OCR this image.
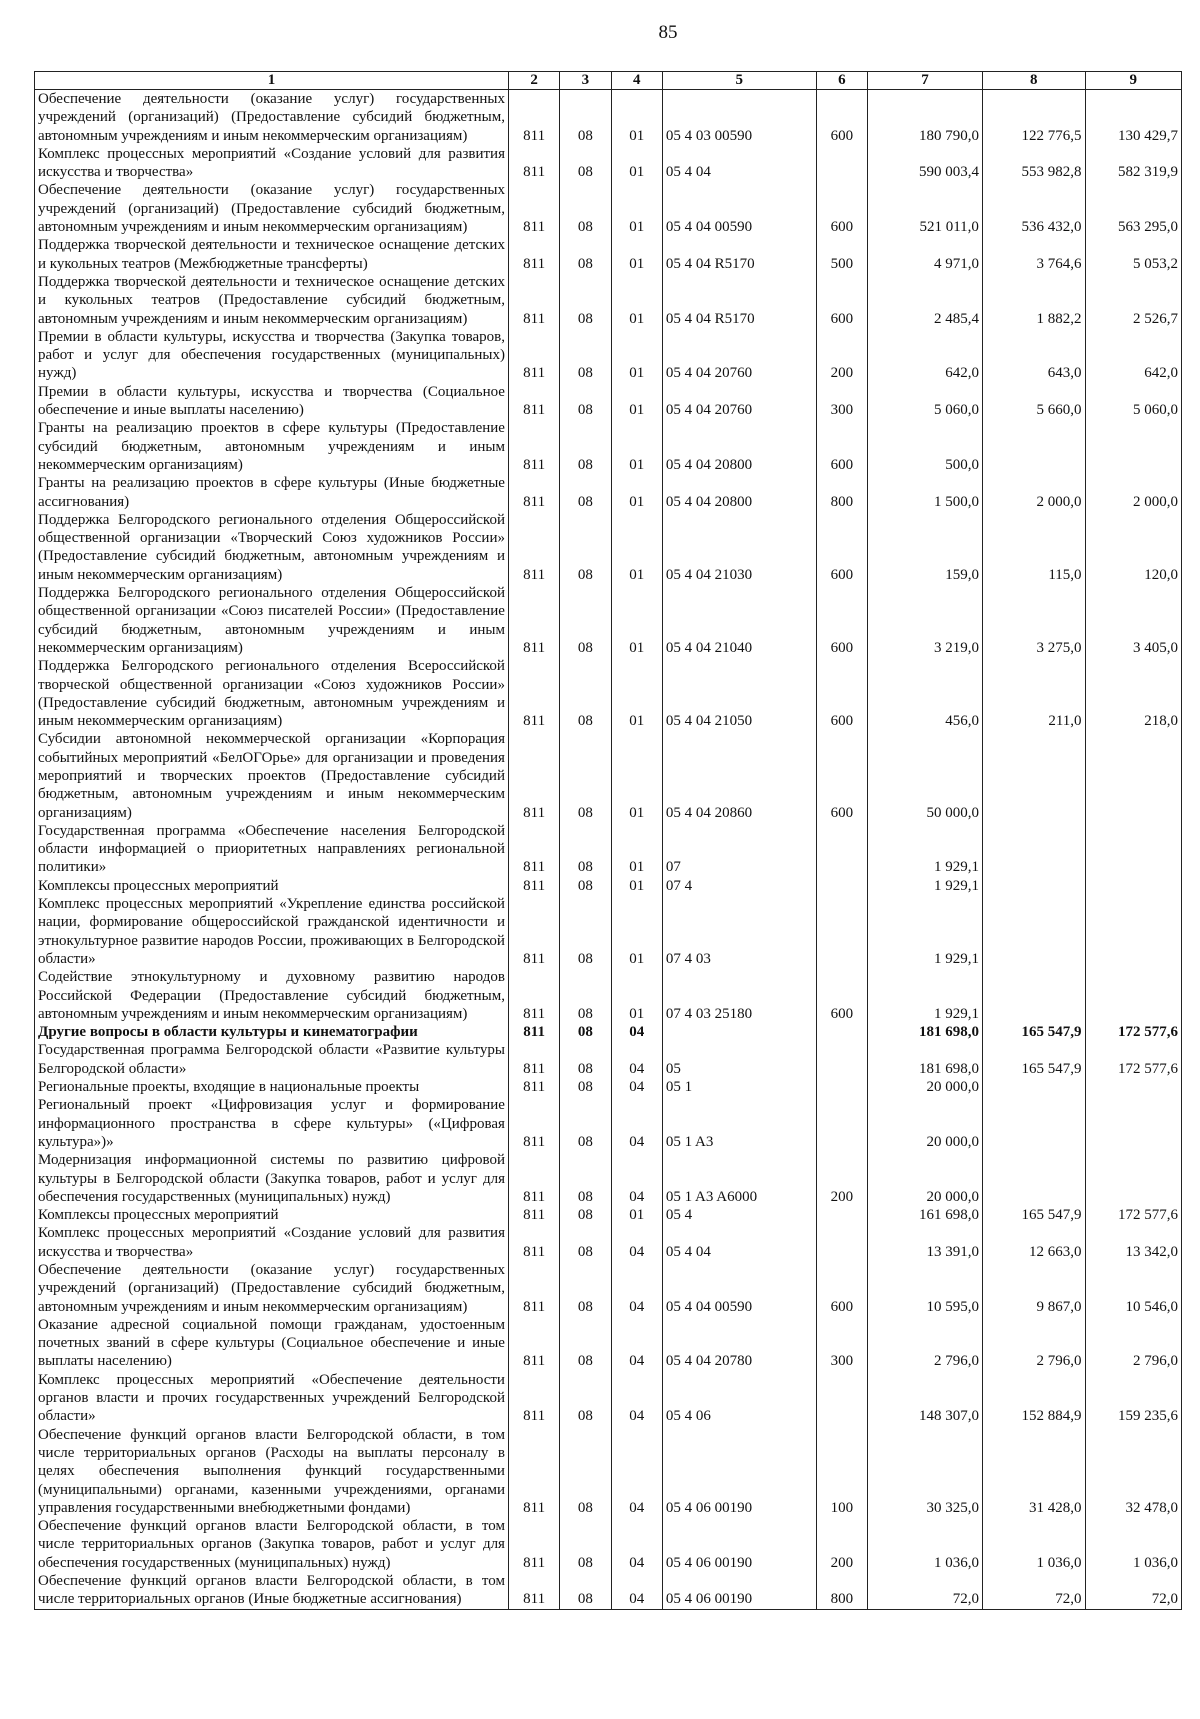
85
1	2	3	4	5	6	7	8	9
Обеспечение деятельности (оказание услуг) государственных учреждений (организаций) (Предоставление субсидий бюджетным, автономным учреждениям и иным некоммерческим организациям)	811	08	01	05 4 03 00590	600	180 790,0	122 776,5	130 429,7
Комплекс процессных мероприятий «Создание условий для развития искусства и творчества»	811	08	01	05 4 04		590 003,4	553 982,8	582 319,9
Обеспечение деятельности (оказание услуг) государственных учреждений (организаций) (Предоставление субсидий бюджетным, автономным учреждениям и иным некоммерческим организациям)	811	08	01	05 4 04 00590	600	521 011,0	536 432,0	563 295,0
Поддержка творческой деятельности и техническое оснащение детских и кукольных театров (Межбюджетные трансферты)	811	08	01	05 4 04 R5170	500	4 971,0	3 764,6	5 053,2
Поддержка творческой деятельности и техническое оснащение детских и кукольных театров (Предоставление субсидий бюджетным, автономным учреждениям и иным некоммерческим организациям)	811	08	01	05 4 04 R5170	600	2 485,4	1 882,2	2 526,7
Премии в области культуры, искусства и творчества (Закупка товаров, работ и услуг для обеспечения государственных (муниципальных) нужд)	811	08	01	05 4 04 20760	200	642,0	643,0	642,0
Премии в области культуры, искусства и творчества (Социальное обеспечение и иные выплаты населению)	811	08	01	05 4 04 20760	300	5 060,0	5 660,0	5 060,0
Гранты на реализацию проектов в сфере культуры (Предоставление субсидий бюджетным, автономным учреждениям и иным некоммерческим организациям)	811	08	01	05 4 04 20800	600	500,0		
Гранты на реализацию проектов в сфере культуры (Иные бюджетные ассигнования)	811	08	01	05 4 04 20800	800	1 500,0	2 000,0	2 000,0
Поддержка Белгородского регионального отделения Общероссийской общественной организации «Творческий Союз художников России» (Предоставление субсидий бюджетным, автономным учреждениям и иным некоммерческим организациям)	811	08	01	05 4 04 21030	600	159,0	115,0	120,0
Поддержка Белгородского регионального отделения Общероссийской общественной организации «Союз писателей России» (Предоставление субсидий бюджетным, автономным учреждениям и иным некоммерческим организациям)	811	08	01	05 4 04 21040	600	3 219,0	3 275,0	3 405,0
Поддержка Белгородского регионального отделения Всероссийской творческой общественной организации «Союз художников России» (Предоставление субсидий бюджетным, автономным учреждениям и иным некоммерческим организациям)	811	08	01	05 4 04 21050	600	456,0	211,0	218,0
Субсидии автономной некоммерческой организации «Корпорация событийных мероприятий «БелОГОрье» для организации и проведения мероприятий и творческих проектов (Предоставление субсидий бюджетным, автономным учреждениям и иным некоммерческим организациям)	811	08	01	05 4 04 20860	600	50 000,0		
Государственная программа «Обеспечение населения Белгородской области информацией о приоритетных направлениях региональной политики»	811	08	01	07		1 929,1		
Комплексы процессных мероприятий	811	08	01	07 4		1 929,1		
Комплекс процессных мероприятий «Укрепление единства российской нации, формирование общероссийской гражданской идентичности и этнокультурное развитие народов России, проживающих в Белгородской области»	811	08	01	07 4 03		1 929,1		
Содействие этнокультурному и духовному развитию народов Российской Федерации (Предоставление субсидий бюджетным, автономным учреждениям и иным некоммерческим организациям)	811	08	01	07 4 03 25180	600	1 929,1		
Другие вопросы в области культуры и кинематографии	811	08	04			181 698,0	165 547,9	172 577,6
Государственная программа Белгородской области «Развитие культуры Белгородской области»	811	08	04	05		181 698,0	165 547,9	172 577,6
Региональные проекты, входящие в национальные проекты	811	08	04	05 1		20 000,0		
Региональный проект «Цифровизация услуг и формирование информационного пространства в сфере культуры» («Цифровая культура»)»	811	08	04	05 1 A3		20 000,0		
Модернизация информационной системы по развитию цифровой культуры в Белгородской области (Закупка товаров, работ и услуг для обеспечения государственных (муниципальных) нужд)	811	08	04	05 1 A3 A6000	200	20 000,0		
Комплексы процессных мероприятий	811	08	01	05 4		161 698,0	165 547,9	172 577,6
Комплекс процессных мероприятий «Создание условий для развития искусства и творчества»	811	08	04	05 4 04		13 391,0	12 663,0	13 342,0
Обеспечение деятельности (оказание услуг) государственных учреждений (организаций) (Предоставление субсидий бюджетным, автономным учреждениям и иным некоммерческим организациям)	811	08	04	05 4 04 00590	600	10 595,0	9 867,0	10 546,0
Оказание адресной социальной помощи гражданам, удостоенным почетных званий в сфере культуры (Социальное обеспечение и иные выплаты населению)	811	08	04	05 4 04 20780	300	2 796,0	2 796,0	2 796,0
Комплекс процессных мероприятий «Обеспечение деятельности органов власти и прочих государственных учреждений Белгородской области»	811	08	04	05 4 06		148 307,0	152 884,9	159 235,6
Обеспечение функций органов власти Белгородской области, в том числе территориальных органов (Расходы на выплаты персоналу в целях обеспечения выполнения функций государственными (муниципальными) органами, казенными учреждениями, органами управления государственными внебюджетными фондами)	811	08	04	05 4 06 00190	100	30 325,0	31 428,0	32 478,0
Обеспечение функций органов власти Белгородской области, в том числе территориальных органов (Закупка товаров, работ и услуг для обеспечения государственных (муниципальных) нужд)	811	08	04	05 4 06 00190	200	1 036,0	1 036,0	1 036,0
Обеспечение функций органов власти Белгородской области, в том числе территориальных органов (Иные бюджетные ассигнования)	811	08	04	05 4 06 00190	800	72,0	72,0	72,0
